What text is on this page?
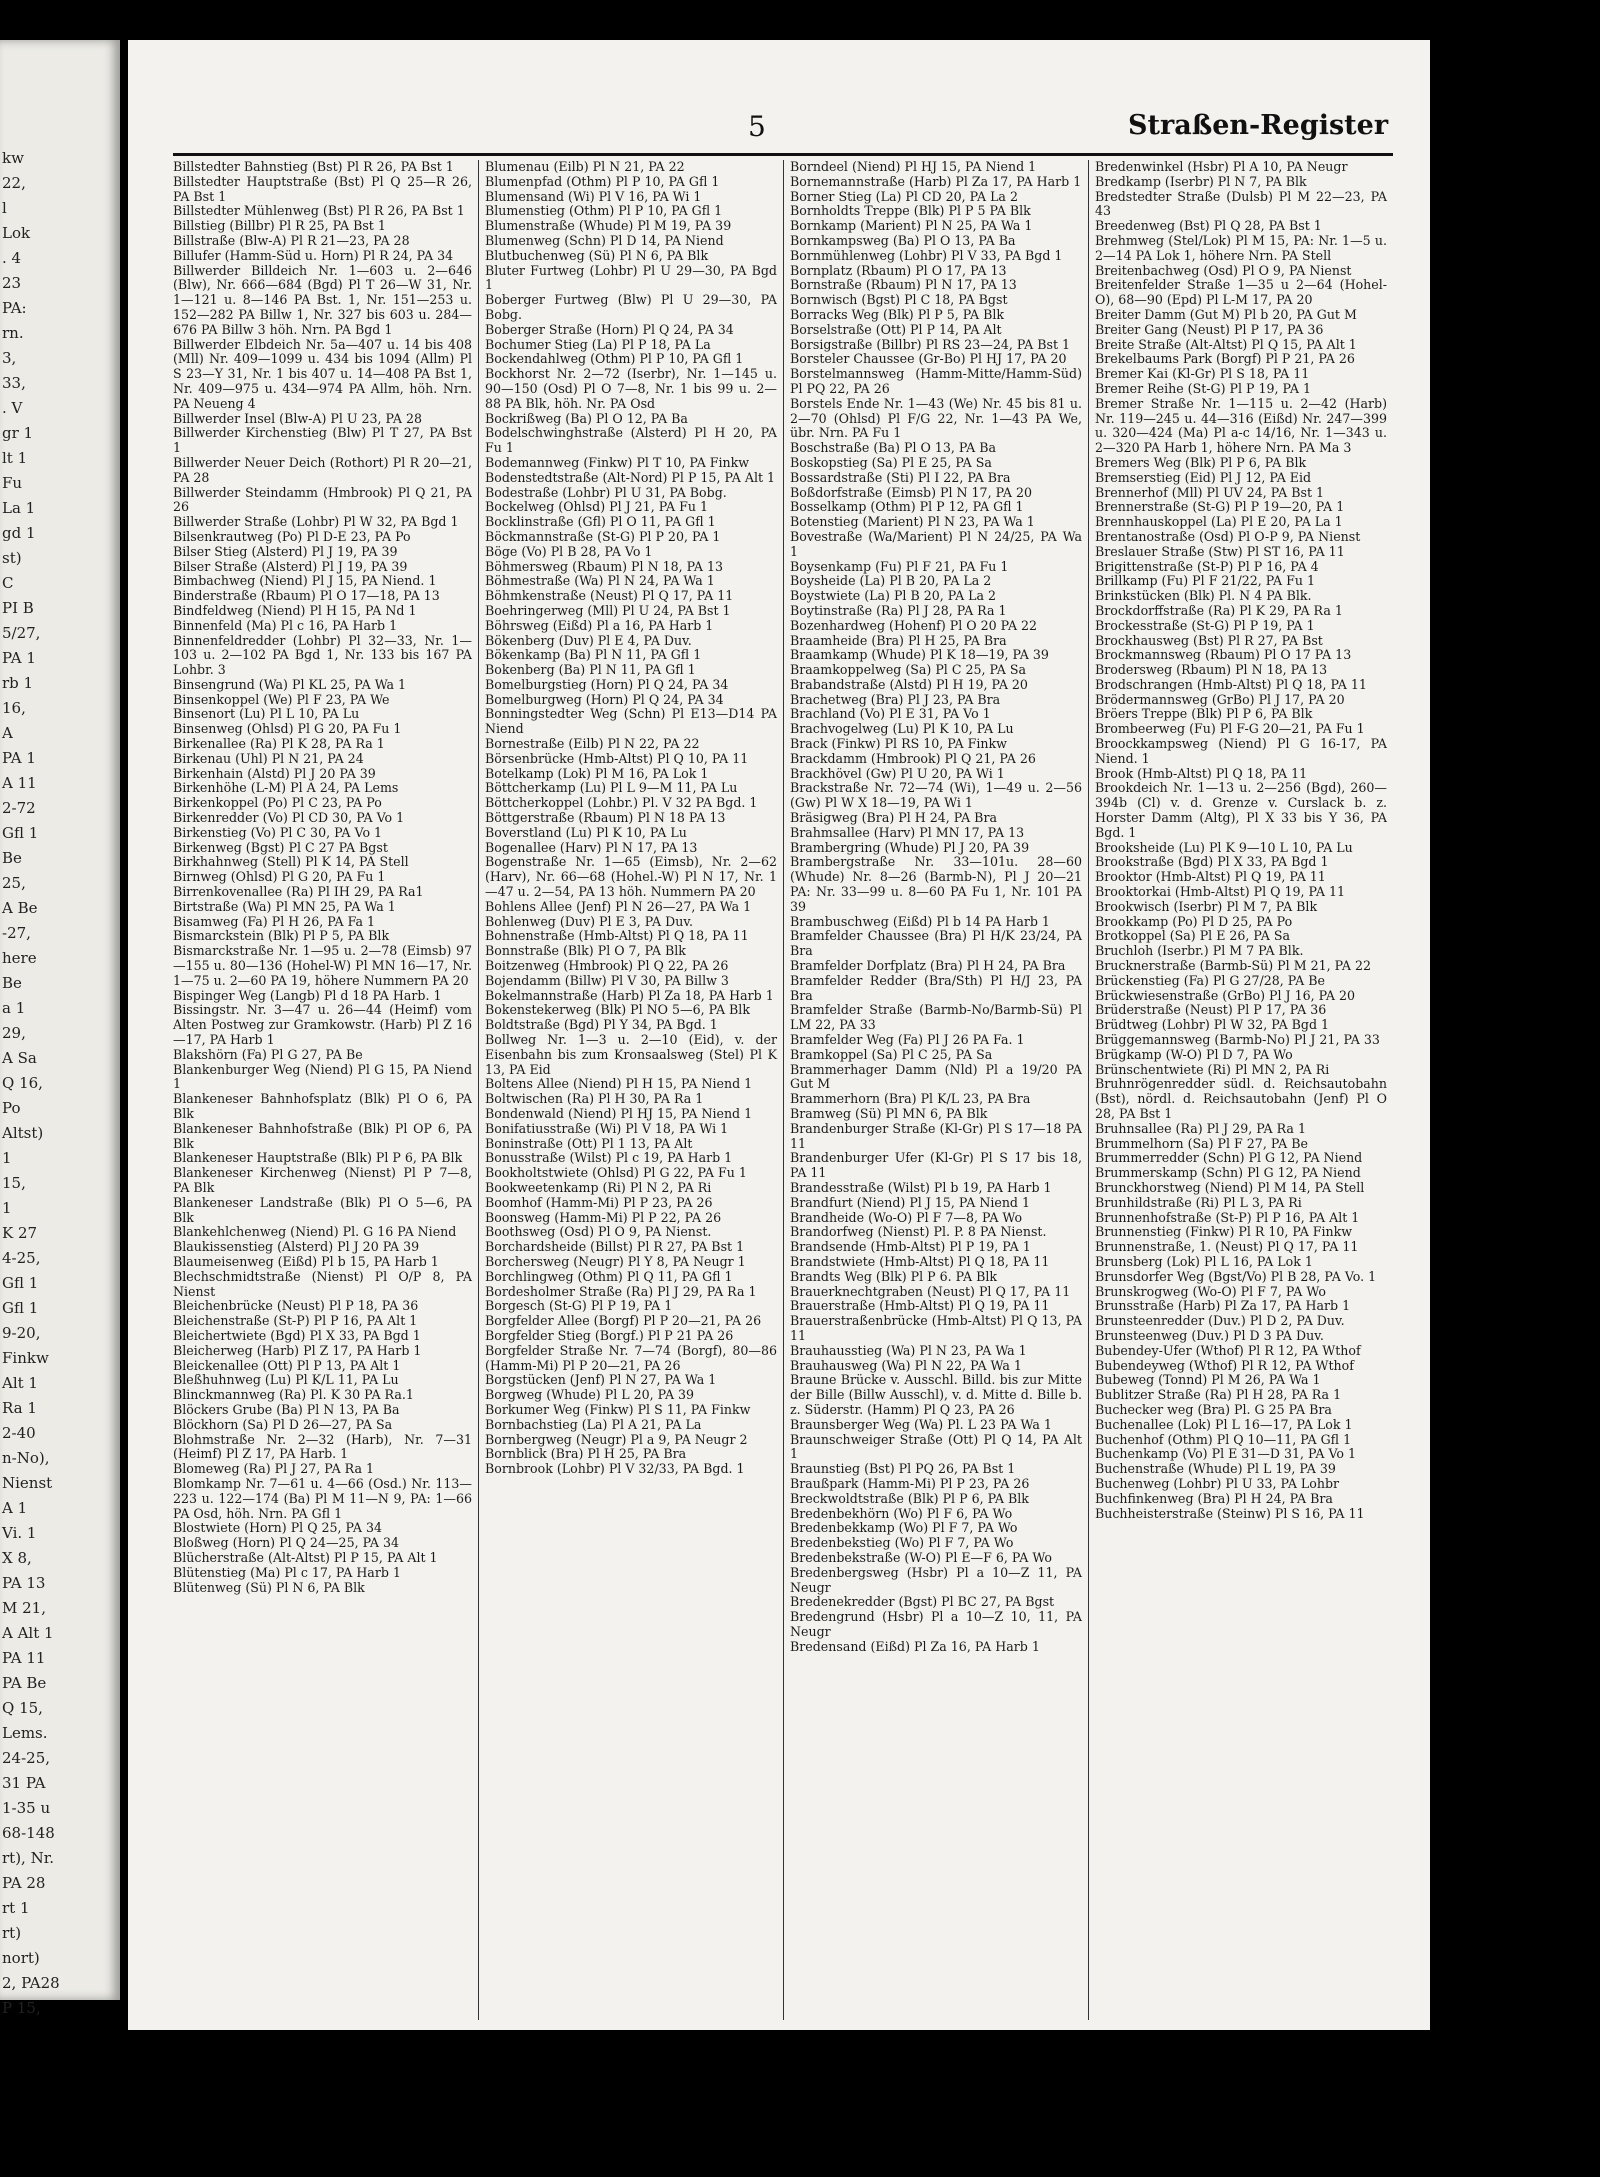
kw
22,
l
Lok
. 4
23
PA:
rn.
3,
33,
. V
gr 1
lt 1
Fu
La 1
gd 1
st)
C
PI B
5/27,
PA 1
rb 1
16,
A
PA 1
A 11
2-72
Gfl 1
Be
25,
A Be
-27,
here
Be
a 1
29,
A Sa
Q 16,
Po
Altst)
1
15,
1
K 27
4-25,
Gfl 1
Gfl 1
9-20,
Finkw
Alt 1
Ra 1
2-40
n-No),
Nienst
A 1
Vi. 1
X 8,
PA 13
M 21,
A Alt 1
PA 11
PA Be
Q 15,
Lems.
24-25,
31 PA
1-35 u
68-148
rt), Nr.
PA 28
rt 1
rt)
nort)
2, PA28
P 15,
5	Straßen-Register

Billstedter Bahnstieg (Bst) Pl R 26, PA Bst 1

Billstedter Hauptstraße (Bst) Pl Q 25—R 26, PA Bst 1

Billstedter Mühlenweg (Bst) Pl R 26, PA Bst 1

Billstieg (Billbr) Pl R 25, PA Bst 1

Billstraße (Blw-A) Pl R 21—23, PA 28

Billufer (Hamm-Süd u. Horn) Pl R 24, PA 34

Billwerder Billdeich Nr. 1—603 u. 2—646 (Blw), Nr. 666—684 (Bgd) Pl T 26—W 31, Nr. 1—121 u. 8—146 PA Bst. 1, Nr. 151—253 u. 152—282 PA Billw 1, Nr. 327 bis 603 u. 284—676 PA Billw 3 höh. Nrn. PA Bgd 1

Billwerder Elbdeich Nr. 5a—407 u. 14 bis 408 (Mll) Nr. 409—1099 u. 434 bis 1094 (Allm) Pl S 23—Y 31, Nr. 1 bis 407 u. 14—408 PA Bst 1, Nr. 409—975 u. 434—974 PA Allm, höh. Nrn. PA Neueng 4

Billwerder Insel (Blw-A) Pl U 23, PA 28

Billwerder Kirchenstieg (Blw) Pl T 27, PA Bst 1

Billwerder Neuer Deich (Rothort) Pl R 20—21, PA 28

Billwerder Steindamm (Hmbrook) Pl Q 21, PA 26

Billwerder Straße (Lohbr) Pl W 32, PA Bgd 1

Bilsenkrautweg (Po) Pl D-E 23, PA Po

Bilser Stieg (Alsterd) Pl J 19, PA 39

Bilser Straße (Alsterd) Pl J 19, PA 39

Bimbachweg (Niend) Pl J 15, PA Niend. 1

Binderstraße (Rbaum) Pl O 17—18, PA 13

Bindfeldweg (Niend) Pl H 15, PA Nd 1

Binnenfeld (Ma) Pl c 16, PA Harb 1

Binnenfeldredder (Lohbr) Pl 32—33, Nr. 1—103 u. 2—102 PA Bgd 1, Nr. 133 bis 167 PA Lohbr. 3

Binsengrund (Wa) Pl KL 25, PA Wa 1

Binsenkoppel (We) Pl F 23, PA We

Binsenort (Lu) Pl L 10, PA Lu

Binsenweg (Ohlsd) Pl G 20, PA Fu 1

Birkenallee (Ra) Pl K 28, PA Ra 1

Birkenau (Uhl) Pl N 21, PA 24

Birkenhain (Alstd) Pl J 20 PA 39

Birkenhöhe (L-M) Pl A 24, PA Lems

Birkenkoppel (Po) Pl C 23, PA Po

Birkenredder (Vo) Pl CD 30, PA Vo 1

Birkenstieg (Vo) Pl C 30, PA Vo 1

Birkenweg (Bgst) Pl C 27 PA Bgst

Birkhahnweg (Stell) Pl K 14, PA Stell

Birnweg (Ohlsd) Pl G 20, PA Fu 1

Birrenkovenallee (Ra) Pl IH 29, PA Ra1

Birtstraße (Wa) Pl MN 25, PA Wa 1

Bisamweg (Fa) Pl H 26, PA Fa 1

Bismarckstein (Blk) Pl P 5, PA Blk

Bismarckstraße Nr. 1—95 u. 2—78 (Eimsb) 97—155 u. 80—136 (Hohel-W) Pl MN 16—17, Nr. 1—75 u. 2—60 PA 19, höhere Nummern PA 20

Bispinger Weg (Langb) Pl d 18 PA Harb. 1

Bissingstr. Nr. 3—47 u. 26—44 (Heimf) vom Alten Postweg zur Gramkowstr. (Harb) Pl Z 16—17, PA Harb 1

Blakshörn (Fa) Pl G 27, PA Be

Blankenburger Weg (Niend) Pl G 15, PA Niend 1

Blankeneser Bahnhofsplatz (Blk) Pl O 6, PA Blk

Blankeneser Bahnhofstraße (Blk) Pl OP 6, PA Blk

Blankeneser Hauptstraße (Blk) Pl P 6, PA Blk

Blankeneser Kirchenweg (Nienst) Pl P 7—8, PA Blk

Blankeneser Landstraße (Blk) Pl O 5—6, PA Blk

Blankehlchenweg (Niend) Pl. G 16 PA Niend

Blaukissenstieg (Alsterd) Pl J 20 PA 39

Blaumeisenweg (Eißd) Pl b 15, PA Harb 1

Blechschmidtstraße (Nienst) Pl O/P 8, PA Nienst

Bleichenbrücke (Neust) Pl P 18, PA 36

Bleichenstraße (St-P) Pl P 16, PA Alt 1

Bleichertwiete (Bgd) Pl X 33, PA Bgd 1

Bleicherweg (Harb) Pl Z 17, PA Harb 1

Bleickenallee (Ott) Pl P 13, PA Alt 1

Bleßhuhnweg (Lu) Pl K/L 11, PA Lu

Blinckmannweg (Ra) Pl. K 30 PA Ra.1

Blöckers Grube (Ba) Pl N 13, PA Ba

Blöckhorn (Sa) Pl D 26—27, PA Sa

Blohmstraße Nr. 2—32 (Harb), Nr. 7—31 (Heimf) Pl Z 17, PA Harb. 1

Blomeweg (Ra) Pl J 27, PA Ra 1

Blomkamp Nr. 7—61 u. 4—66 (Osd.) Nr. 113—223 u. 122—174 (Ba) Pl M 11—N 9, PA: 1—66 PA Osd, höh. Nrn. PA Gfl 1

Blostwiete (Horn) Pl Q 25, PA 34

Bloßweg (Horn) Pl Q 24—25, PA 34

Blücherstraße (Alt-Altst) Pl P 15, PA Alt 1

Blütenstieg (Ma) Pl c 17, PA Harb 1

Blütenweg (Sü) Pl N 6, PA Blk

Blumenau (Eilb) Pl N 21, PA 22

Blumenpfad (Othm) Pl P 10, PA Gfl 1

Blumensand (Wi) Pl V 16, PA Wi 1

Blumenstieg (Othm) Pl P 10, PA Gfl 1

Blumenstraße (Whude) Pl M 19, PA 39

Blumenweg (Schn) Pl D 14, PA Niend

Blutbuchenweg (Sü) Pl N 6, PA Blk

Bluter Furtweg (Lohbr) Pl U 29—30, PA Bgd 1

Boberger Furtweg (Blw) Pl U 29—30, PA Bobg.

Boberger Straße (Horn) Pl Q 24, PA 34

Bochumer Stieg (La) Pl P 18, PA La

Bockendahlweg (Othm) Pl P 10, PA Gfl 1

Bockhorst Nr. 2—72 (Iserbr), Nr. 1—145 u. 90—150 (Osd) Pl O 7—8, Nr. 1 bis 99 u. 2—88 PA Blk, höh. Nr. PA Osd

Bockrißweg (Ba) Pl O 12, PA Ba

Bodelschwinghstraße (Alsterd) Pl H 20, PA Fu 1

Bodemannweg (Finkw) Pl T 10, PA Finkw

Bodenstedtstraße (Alt-Nord) Pl P 15, PA Alt 1

Bodestraße (Lohbr) Pl U 31, PA Bobg.

Bockelweg (Ohlsd) Pl J 21, PA Fu 1

Bocklinstraße (Gfl) Pl O 11, PA Gfl 1

Böckmannstraße (St-G) Pl P 20, PA 1

Böge (Vo) Pl B 28, PA Vo 1

Böhmersweg (Rbaum) Pl N 18, PA 13

Böhmestraße (Wa) Pl N 24, PA Wa 1

Böhmkenstraße (Neust) Pl Q 17, PA 11

Boehringerweg (Mll) Pl U 24, PA Bst 1

Böhrsweg (Eißd) Pl a 16, PA Harb 1

Bökenberg (Duv) Pl E 4, PA Duv.

Bökenkamp (Ba) Pl N 11, PA Gfl 1

Bokenberg (Ba) Pl N 11, PA Gfl 1

Bomelburgstieg (Horn) Pl Q 24, PA 34

Bomelburgweg (Horn) Pl Q 24, PA 34

Bonningstedter Weg (Schn) Pl E13—D14 PA Niend

Bornestraße (Eilb) Pl N 22, PA 22

Börsenbrücke (Hmb-Altst) Pl Q 10, PA 11

Botelkamp (Lok) Pl M 16, PA Lok 1

Böttcherkamp (Lu) Pl L 9—M 11, PA Lu

Böttcherkoppel (Lohbr.) Pl. V 32 PA Bgd. 1

Böttgerstraße (Rbaum) Pl N 18 PA 13

Boverstland (Lu) Pl K 10, PA Lu

Bogenallee (Harv) Pl N 17, PA 13

Bogenstraße Nr. 1—65 (Eimsb), Nr. 2—62 (Harv), Nr. 66—68 (Hohel.-W) Pl N 17, Nr. 1—47 u. 2—54, PA 13 höh. Nummern PA 20

Bohlens Allee (Jenf) Pl N 26—27, PA Wa 1

Bohlenweg (Duv) Pl E 3, PA Duv.

Bohnenstraße (Hmb-Altst) Pl Q 18, PA 11

Bonnstraße (Blk) Pl O 7, PA Blk

Boitzenweg (Hmbrook) Pl Q 22, PA 26

Bojendamm (Billw) Pl V 30, PA Billw 3

Bokelmannstraße (Harb) Pl Za 18, PA Harb 1

Bokenstekerweg (Blk) Pl NO 5—6, PA Blk

Boldtstraße (Bgd) Pl Y 34, PA Bgd. 1

Bollweg Nr. 1—3 u. 2—10 (Eid), v. der Eisenbahn bis zum Kronsaalsweg (Stel) Pl K 13, PA Eid

Boltens Allee (Niend) Pl H 15, PA Niend 1

Boltwischen (Ra) Pl H 30, PA Ra 1

Bondenwald (Niend) Pl HJ 15, PA Niend 1

Bonifatiusstraße (Wi) Pl V 18, PA Wi 1

Boninstraße (Ott) Pl 1 13, PA Alt

Bonusstraße (Wilst) Pl c 19, PA Harb 1

Bookholtstwiete (Ohlsd) Pl G 22, PA Fu 1

Bookweetenkamp (Ri) Pl N 2, PA Ri

Boomhof (Hamm-Mi) Pl P 23, PA 26

Boonsweg (Hamm-Mi) Pl P 22, PA 26

Boothsweg (Osd) Pl O 9, PA Nienst.

Borchardsheide (Billst) Pl R 27, PA Bst 1

Borchersweg (Neugr) Pl Y 8, PA Neugr 1

Borchlingweg (Othm) Pl Q 11, PA Gfl 1

Bordesholmer Straße (Ra) Pl J 29, PA Ra 1

Borgesch (St-G) Pl P 19, PA 1

Borgfelder Allee (Borgf) Pl P 20—21, PA 26

Borgfelder Stieg (Borgf.) Pl P 21 PA 26

Borgfelder Straße Nr. 7—74 (Borgf), 80—86 (Hamm-Mi) Pl P 20—21, PA 26

Borgstücken (Jenf) Pl N 27, PA Wa 1

Borgweg (Whude) Pl L 20, PA 39

Borkumer Weg (Finkw) Pl S 11, PA Finkw

Bornbachstieg (La) Pl A 21, PA La

Bornbergweg (Neugr) Pl a 9, PA Neugr 2

Bornblick (Bra) Pl H 25, PA Bra

Bornbrook (Lohbr) Pl V 32/33, PA Bgd. 1

Borndeel (Niend) Pl HJ 15, PA Niend 1

Bornemannstraße (Harb) Pl Za 17, PA Harb 1

Borner Stieg (La) Pl CD 20, PA La 2

Bornholdts Treppe (Blk) Pl P 5 PA Blk

Bornkamp (Marient) Pl N 25, PA Wa 1

Bornkampsweg (Ba) Pl O 13, PA Ba

Bornmühlenweg (Lohbr) Pl V 33, PA Bgd 1

Bornplatz (Rbaum) Pl O 17, PA 13

Bornstraße (Rbaum) Pl N 17, PA 13

Bornwisch (Bgst) Pl C 18, PA Bgst

Borracks Weg (Blk) Pl P 5, PA Blk

Borselstraße (Ott) Pl P 14, PA Alt

Borsigstraße (Billbr) Pl RS 23—24, PA Bst 1

Borsteler Chaussee (Gr-Bo) Pl HJ 17, PA 20

Borstelmannsweg (Hamm-Mitte/Hamm-Süd) Pl PQ 22, PA 26

Borstels Ende Nr. 1—43 (We) Nr. 45 bis 81 u. 2—70 (Ohlsd) Pl F/G 22, Nr. 1—43 PA We, übr. Nrn. PA Fu 1

Boschstraße (Ba) Pl O 13, PA Ba

Boskopstieg (Sa) Pl E 25, PA Sa

Bossardstraße (Sti) Pl I 22, PA Bra

Boßdorfstraße (Eimsb) Pl N 17, PA 20

Bosselkamp (Othm) Pl P 12, PA Gfl 1

Botenstieg (Marient) Pl N 23, PA Wa 1

Bovestraße (Wa/Marient) Pl N 24/25, PA Wa 1

Boysenkamp (Fu) Pl F 21, PA Fu 1

Boysheide (La) Pl B 20, PA La 2

Boystwiete (La) Pl B 20, PA La 2

Boytinstraße (Ra) Pl J 28, PA Ra 1

Bozenhardweg (Hohenf) Pl O 20 PA 22

Braamheide (Bra) Pl H 25, PA Bra

Braamkamp (Whude) Pl K 18—19, PA 39

Braamkoppelweg (Sa) Pl C 25, PA Sa

Brabandstraße (Alstd) Pl H 19, PA 20

Brachetweg (Bra) Pl J 23, PA Bra

Brachland (Vo) Pl E 31, PA Vo 1

Brachvogelweg (Lu) Pl K 10, PA Lu

Brack (Finkw) Pl RS 10, PA Finkw

Brackdamm (Hmbrook) Pl Q 21, PA 26

Brackhövel (Gw) Pl U 20, PA Wi 1

Brackstraße Nr. 72—74 (Wi), 1—49 u. 2—56 (Gw) Pl W X 18—19, PA Wi 1

Bräsigweg (Bra) Pl H 24, PA Bra

Brahmsallee (Harv) Pl MN 17, PA 13

Brambergring (Whude) Pl J 20, PA 39

Brambergstraße Nr. 33—101u. 28—60 (Whude) Nr. 8—26 (Barmb-N), Pl J 20—21 PA: Nr. 33—99 u. 8—60 PA Fu 1, Nr. 101 PA 39

Brambuschweg (Eißd) Pl b 14 PA Harb 1

Bramfelder Chaussee (Bra) Pl H/K 23/24, PA Bra

Bramfelder Dorfplatz (Bra) Pl H 24, PA Bra

Bramfelder Redder (Bra/Sth) Pl H/J 23, PA Bra

Bramfelder Straße (Barmb-No/Barmb-Sü) Pl LM 22, PA 33

Bramfelder Weg (Fa) Pl J 26 PA Fa. 1

Bramkoppel (Sa) Pl C 25, PA Sa

Brammerhager Damm (Nld) Pl a 19/20 PA Gut M

Brammerhorn (Bra) Pl K/L 23, PA Bra

Bramweg (Sü) Pl MN 6, PA Blk

Brandenburger Straße (Kl-Gr) Pl S 17—18 PA 11

Brandenburger Ufer (Kl-Gr) Pl S 17 bis 18, PA 11

Brandesstraße (Wilst) Pl b 19, PA Harb 1

Brandfurt (Niend) Pl J 15, PA Niend 1

Brandheide (Wo-O) Pl F 7—8, PA Wo

Brandorfweg (Nienst) Pl. P. 8 PA Nienst.

Brandsende (Hmb-Altst) Pl P 19, PA 1

Brandstwiete (Hmb-Altst) Pl Q 18, PA 11

Brandts Weg (Blk) Pl P 6. PA Blk

Brauerknechtgraben (Neust) Pl Q 17, PA 11

Brauerstraße (Hmb-Altst) Pl Q 19, PA 11

Brauerstraßenbrücke (Hmb-Altst) Pl Q 13, PA 11

Brauhausstieg (Wa) Pl N 23, PA Wa 1

Brauhausweg (Wa) Pl N 22, PA Wa 1

Braune Brücke v. Ausschl. Billd. bis zur Mitte der Bille (Billw Ausschl), v. d. Mitte d. Bille b. z. Süderstr. (Hamm) Pl Q 23, PA 26

Braunsberger Weg (Wa) Pl. L 23 PA Wa 1

Braunschweiger Straße (Ott) Pl Q 14, PA Alt 1

Braunstieg (Bst) Pl PQ 26, PA Bst 1

Braußpark (Hamm-Mi) Pl P 23, PA 26

Breckwoldtstraße (Blk) Pl P 6, PA Blk

Bredenbekhörn (Wo) Pl F 6, PA Wo

Bredenbekkamp (Wo) Pl F 7, PA Wo

Bredenbekstieg (Wo) Pl F 7, PA Wo

Bredenbekstraße (W-O) Pl E—F 6, PA Wo

Bredenbergsweg (Hsbr) Pl a 10—Z 11, PA Neugr

Bredenekredder (Bgst) Pl BC 27, PA Bgst

Bredengrund (Hsbr) Pl a 10—Z 10, 11, PA Neugr

Bredensand (Eißd) Pl Za 16, PA Harb 1

Bredenwinkel (Hsbr) Pl A 10, PA Neugr

Bredkamp (Iserbr) Pl N 7, PA Blk

Bredstedter Straße (Dulsb) Pl M 22—23, PA 43

Breedenweg (Bst) Pl Q 28, PA Bst 1

Brehmweg (Stel/Lok) Pl M 15, PA: Nr. 1—5 u. 2—14 PA Lok 1, höhere Nrn. PA Stell

Breitenbachweg (Osd) Pl O 9, PA Nienst

Breitenfelder Straße 1—35 u 2—64 (Hohel-O), 68—90 (Epd) Pl L-M 17, PA 20

Breiter Damm (Gut M) Pl b 20, PA Gut M

Breiter Gang (Neust) Pl P 17, PA 36

Breite Straße (Alt-Altst) Pl Q 15, PA Alt 1

Brekelbaums Park (Borgf) Pl P 21, PA 26

Bremer Kai (Kl-Gr) Pl S 18, PA 11

Bremer Reihe (St-G) Pl P 19, PA 1

Bremer Straße Nr. 1—115 u. 2—42 (Harb) Nr. 119—245 u. 44—316 (Eißd) Nr. 247—399 u. 320—424 (Ma) Pl a-c 14/16, Nr. 1—343 u. 2—320 PA Harb 1, höhere Nrn. PA Ma 3

Bremers Weg (Blk) Pl P 6, PA Blk

Bremserstieg (Eid) Pl J 12, PA Eid

Brennerhof (Mll) Pl UV 24, PA Bst 1

Brennerstraße (St-G) Pl P 19—20, PA 1

Brennhauskoppel (La) Pl E 20, PA La 1

Brentanostraße (Osd) Pl O-P 9, PA Nienst

Breslauer Straße (Stw) Pl ST 16, PA 11

Brigittenstraße (St-P) Pl P 16, PA 4

Brillkamp (Fu) Pl F 21/22, PA Fu 1

Brinkstücken (Blk) Pl. N 4 PA Blk.

Brockdorffstraße (Ra) Pl K 29, PA Ra 1

Brockesstraße (St-G) Pl P 19, PA 1

Brockhausweg (Bst) Pl R 27, PA Bst

Brockmannsweg (Rbaum) Pl O 17 PA 13

Brodersweg (Rbaum) Pl N 18, PA 13

Brodschrangen (Hmb-Altst) Pl Q 18, PA 11

Brödermannsweg (GrBo) Pl J 17, PA 20

Bröers Treppe (Blk) Pl P 6, PA Blk

Brombeerweg (Fu) Pl F-G 20—21, PA Fu 1

Broockkampsweg (Niend) Pl G 16-17, PA Niend. 1

Brook (Hmb-Altst) Pl Q 18, PA 11

Brookdeich Nr. 1—13 u. 2—256 (Bgd), 260—394b (Cl) v. d. Grenze v. Curslack b. z. Horster Damm (Altg), Pl X 33 bis Y 36, PA Bgd. 1

Brooksheide (Lu) Pl K 9—10 L 10, PA Lu

Brookstraße (Bgd) Pl X 33, PA Bgd 1

Brooktor (Hmb-Altst) Pl Q 19, PA 11

Brooktorkai (Hmb-Altst) Pl Q 19, PA 11

Brookwisch (Iserbr) Pl M 7, PA Blk

Brookkamp (Po) Pl D 25, PA Po

Brotkoppel (Sa) Pl E 26, PA Sa

Bruchloh (Iserbr.) Pl M 7 PA Blk.

Brucknerstraße (Barmb-Sü) Pl M 21, PA 22

Brückenstieg (Fa) Pl G 27/28, PA Be

Brückwiesenstraße (GrBo) Pl J 16, PA 20

Brüderstraße (Neust) Pl P 17, PA 36

Brüdtweg (Lohbr) Pl W 32, PA Bgd 1

Brüggemannsweg (Barmb-No) Pl J 21, PA 33

Brügkamp (W-O) Pl D 7, PA Wo

Brünschentwiete (Ri) Pl MN 2, PA Ri

Bruhnrögenredder südl. d. Reichsautobahn (Bst), nördl. d. Reichsautobahn (Jenf) Pl O 28, PA Bst 1

Bruhnsallee (Ra) Pl J 29, PA Ra 1

Brummelhorn (Sa) Pl F 27, PA Be

Brummerredder (Schn) Pl G 12, PA Niend

Brummerskamp (Schn) Pl G 12, PA Niend

Brunckhorstweg (Niend) Pl M 14, PA Stell

Brunhildstraße (Ri) Pl L 3, PA Ri

Brunnenhofstraße (St-P) Pl P 16, PA Alt 1

Brunnenstieg (Finkw) Pl R 10, PA Finkw

Brunnenstraße, 1. (Neust) Pl Q 17, PA 11

Brunsberg (Lok) Pl L 16, PA Lok 1

Brunsdorfer Weg (Bgst/Vo) Pl B 28, PA Vo. 1

Brunskrogweg (Wo-O) Pl F 7, PA Wo

Brunsstraße (Harb) Pl Za 17, PA Harb 1

Brunsteenredder (Duv.) Pl D 2, PA Duv.

Brunsteenweg (Duv.) Pl D 3 PA Duv.

Bubendey-Ufer (Wthof) Pl R 12, PA Wthof

Bubendeyweg (Wthof) Pl R 12, PA Wthof

Bubeweg (Tonnd) Pl M 26, PA Wa 1

Bublitzer Straße (Ra) Pl H 28, PA Ra 1

Buchecker weg (Bra) Pl. G 25 PA Bra

Buchenallee (Lok) Pl L 16—17, PA Lok 1

Buchenhof (Othm) Pl Q 10—11, PA Gfl 1

Buchenkamp (Vo) Pl E 31—D 31, PA Vo 1

Buchenstraße (Whude) Pl L 19, PA 39

Buchenweg (Lohbr) Pl U 33, PA Lohbr

Buchfinkenweg (Bra) Pl H 24, PA Bra

Buchheisterstraße (Steinw) Pl S 16, PA 11
